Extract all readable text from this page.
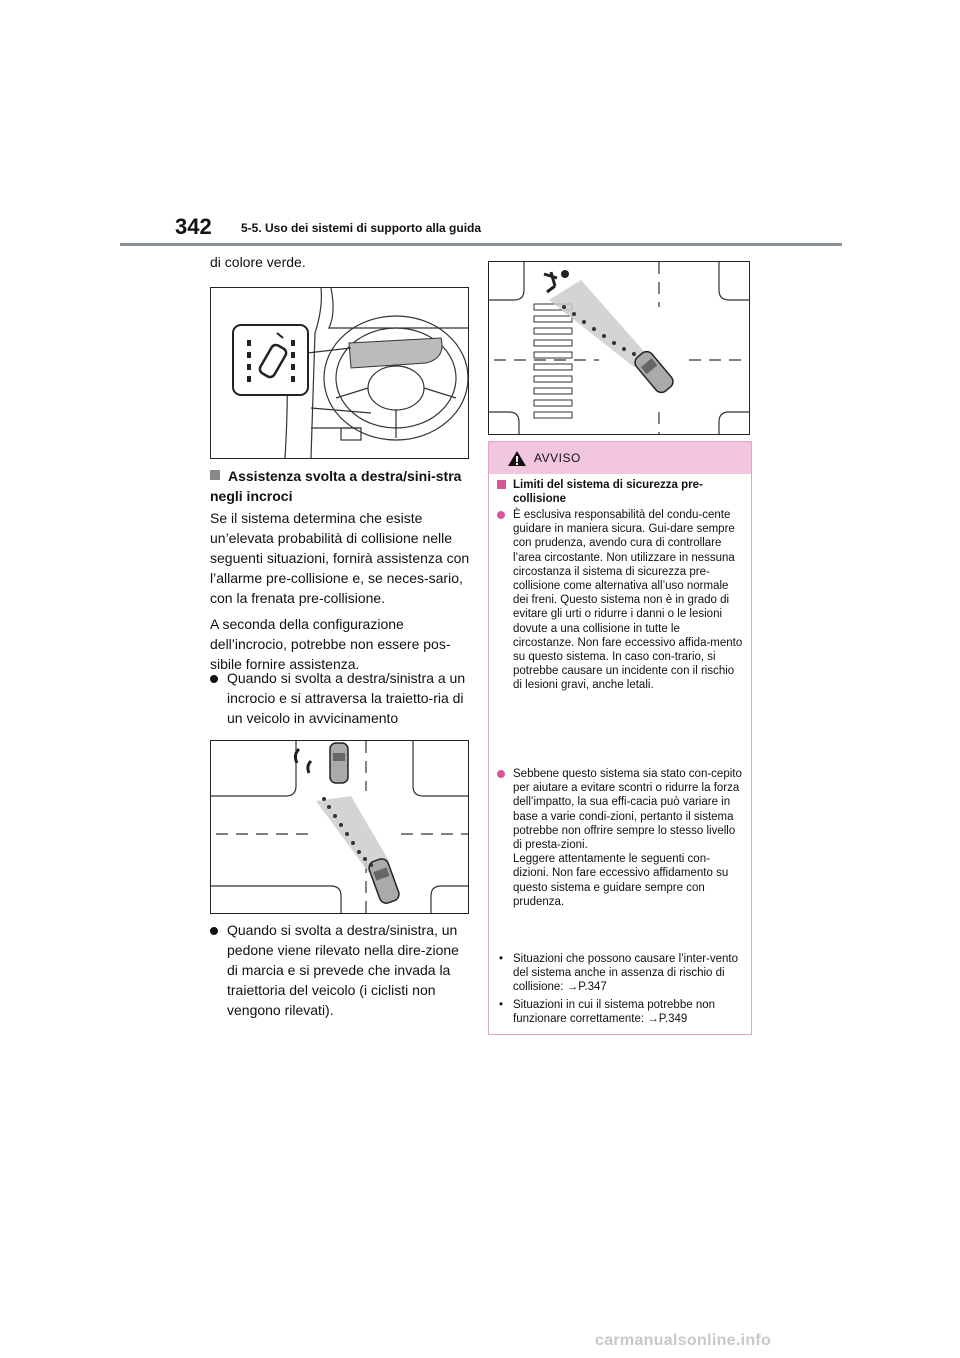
342 5-5. Uso dei sistemi di supporto alla guida

di colore verde.

Assistenza svolta a destra/sini-stra negli incroci

Se il sistema determina che esiste un’elevata probabilità di collisione nelle seguenti situazioni, fornirà assistenza con l’allarme pre-collisione e, se neces-sario, con la frenata pre-collisione.

A seconda della configurazione dell’incrocio, potrebbe non essere pos-sibile fornire assistenza.

Quando si svolta a destra/sinistra a un incrocio e si attraversa la traietto-ria di un veicolo in avvicinamento
Quando si svolta a destra/sinistra, un pedone viene rilevato nella dire-zione di marcia e si prevede che invada la traiettoria del veicolo (i ciclisti non vengono rilevati).
AVVISO
Limiti del sistema di sicurezza pre-collisione
È esclusiva responsabilità del condu-cente guidare in maniera sicura. Gui-dare sempre con prudenza, avendo cura di controllare l’area circostante. Non utilizzare in nessuna circostanza il sistema di sicurezza pre-collisione come alternativa all’uso normale dei freni. Questo sistema non è in grado di evitare gli urti o ridurre i danni o le lesioni dovute a una collisione in tutte le circostanze. Non fare eccessivo affida-mento su questo sistema. In caso con-trario, si potrebbe causare un incidente con il rischio di lesioni gravi, anche letali.
Sebbene questo sistema sia stato con-cepito per aiutare a evitare scontri o ridurre la forza dell’impatto, la sua effi-cacia può variare in base a varie condi-zioni, pertanto il sistema potrebbe non offrire sempre lo stesso livello di presta-zioni.
Leggere attentamente le seguenti con-dizioni. Non fare eccessivo affidamento su questo sistema e guidare sempre con prudenza.
• Situazioni che possono causare l’inter-vento del sistema anche in assenza di rischio di collisione: →P.347
• Situazioni in cui il sistema potrebbe non funzionare correttamente: →P.349
carmanualsonline.info
